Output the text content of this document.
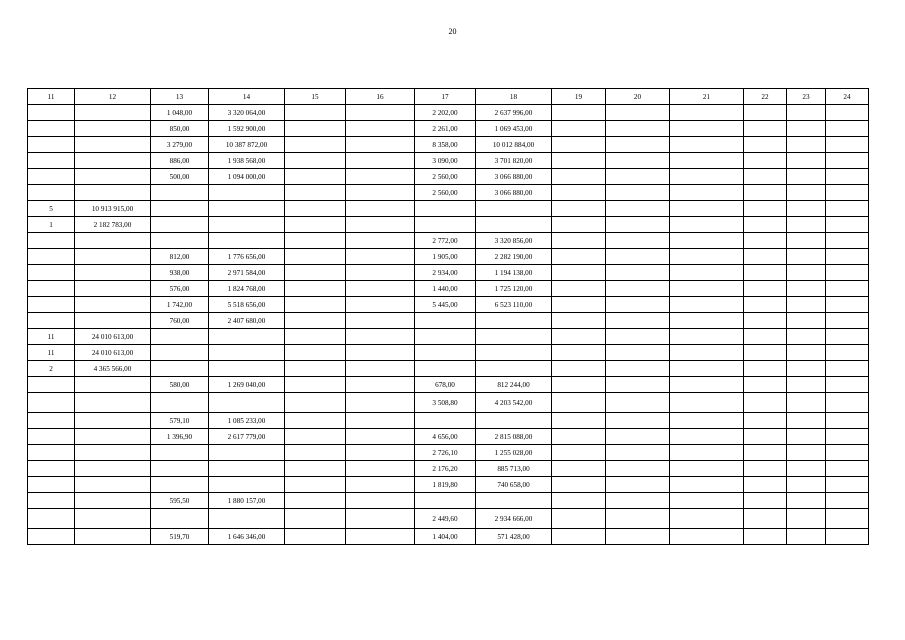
20
11	12	13	14	15	16	17	18	19	20	21	22	23	24
		1 048,00	3 320 064,00			2 202,00	2 637 996,00						
		850,00	1 592 900,00			2 261,00	1 069 453,00						
		3 279,00	10 387 872,00			8 358,00	10 012 884,00						
		886,00	1 938 568,00			3 090,00	3 701 820,00						
		500,00	1 094 000,00			2 560,00	3 066 880,00						
						2 560,00	3 066 880,00						
5	10 913 915,00												
1	2 182 783,00												
						2 772,00	3 320 856,00						
		812,00	1 776 656,00			1 905,00	2 282 190,00						
		938,00	2 971 584,00			2 934,00	1 194 138,00						
		576,00	1 824 768,00			1 440,00	1 725 120,00						
		1 742,00	5 518 656,00			5 445,00	6 523 110,00						
		760,00	2 407 680,00										
11	24 010 613,00												
11	24 010 613,00												
2	4 365 566,00												
		580,00	1 269 040,00			678,00	812 244,00						
						3 508,80	4 203 542,00						
		579,10	1 085 233,00										
		1 396,90	2 617 779,00			4 656,00	2 815 088,00						
						2 726,10	1 255 028,00						
						2 176,20	885 713,00						
						1 819,80	740 658,00						
		595,50	1 880 157,00										
						2 449,60	2 934 666,00						
		519,70	1 646 346,00			1 404,00	571 428,00						
